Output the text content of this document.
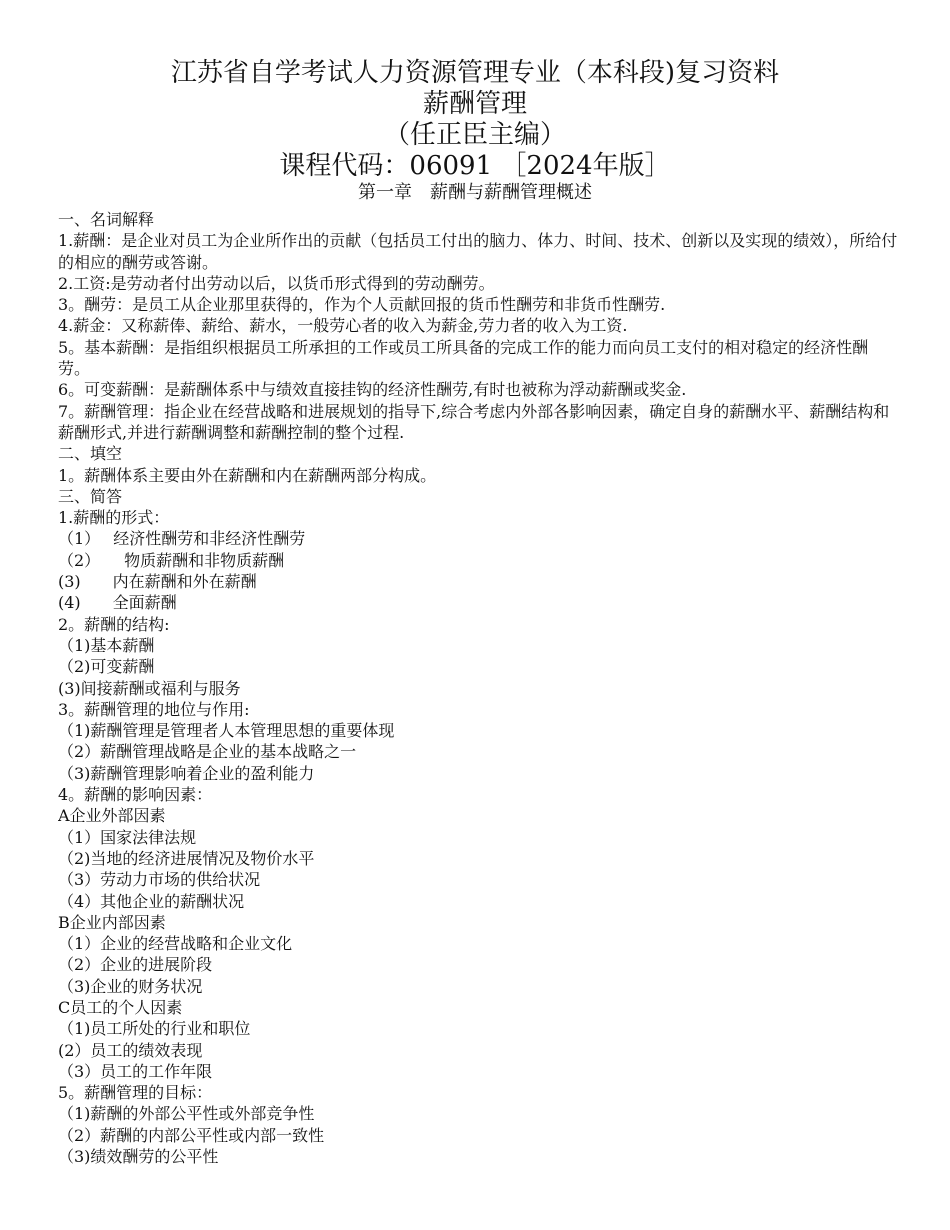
江苏省自学考试人力资源管理专业（本科段)复习资料
薪酬管理
（任正臣主编）
课程代码：06091 ［2024年版］
第一章　薪酬与薪酬管理概述
一、名词解释
1.薪酬：是企业对员工为企业所作出的贡献（包括员工付出的脑力、体力、时间、技术、创新以及实现的绩效），所给付的相应的酬劳或答谢。
2.工资:是劳动者付出劳动以后，以货币形式得到的劳动酬劳。
3。酬劳：是员工从企业那里获得的，作为个人贡献回报的货币性酬劳和非货币性酬劳.
4.薪金：又称薪俸、薪给、薪水，一般劳心者的收入为薪金,劳力者的收入为工资.
5。基本薪酬：是指组织根据员工所承担的工作或员工所具备的完成工作的能力而向员工支付的相对稳定的经济性酬劳。
6。可变薪酬：是薪酬体系中与绩效直接挂钩的经济性酬劳,有时也被称为浮动薪酬或奖金.
7。薪酬管理：指企业在经营战略和进展规划的指导下,综合考虑内外部各影响因素，确定自身的薪酬水平、薪酬结构和薪酬形式,并进行薪酬调整和薪酬控制的整个过程.
二、填空
1。薪酬体系主要由外在薪酬和内在薪酬两部分构成。
三、简答
1.薪酬的形式：
（1）　 经济性酬劳和非经济性酬劳
（2）　　物质薪酬和非物质薪酬
(3)　　内在薪酬和外在薪酬
(4)　　全面薪酬
2。薪酬的结构:
（1)基本薪酬
（2)可变薪酬
(3)间接薪酬或福利与服务
3。薪酬管理的地位与作用:
（1)薪酬管理是管理者人本管理思想的重要体现
（2）薪酬管理战略是企业的基本战略之一
（3)薪酬管理影响着企业的盈利能力
4。薪酬的影响因素：
A企业外部因素
（1）国家法律法规
（2)当地的经济进展情况及物价水平
（3）劳动力市场的供给状况
（4）其他企业的薪酬状况
B企业内部因素
（1）企业的经营战略和企业文化
（2）企业的进展阶段
（3)企业的财务状况
C员工的个人因素
（1)员工所处的行业和职位
(2）员工的绩效表现
（3）员工的工作年限
5。薪酬管理的目标：
（1)薪酬的外部公平性或外部竞争性
（2）薪酬的内部公平性或内部一致性
（3)绩效酬劳的公平性
